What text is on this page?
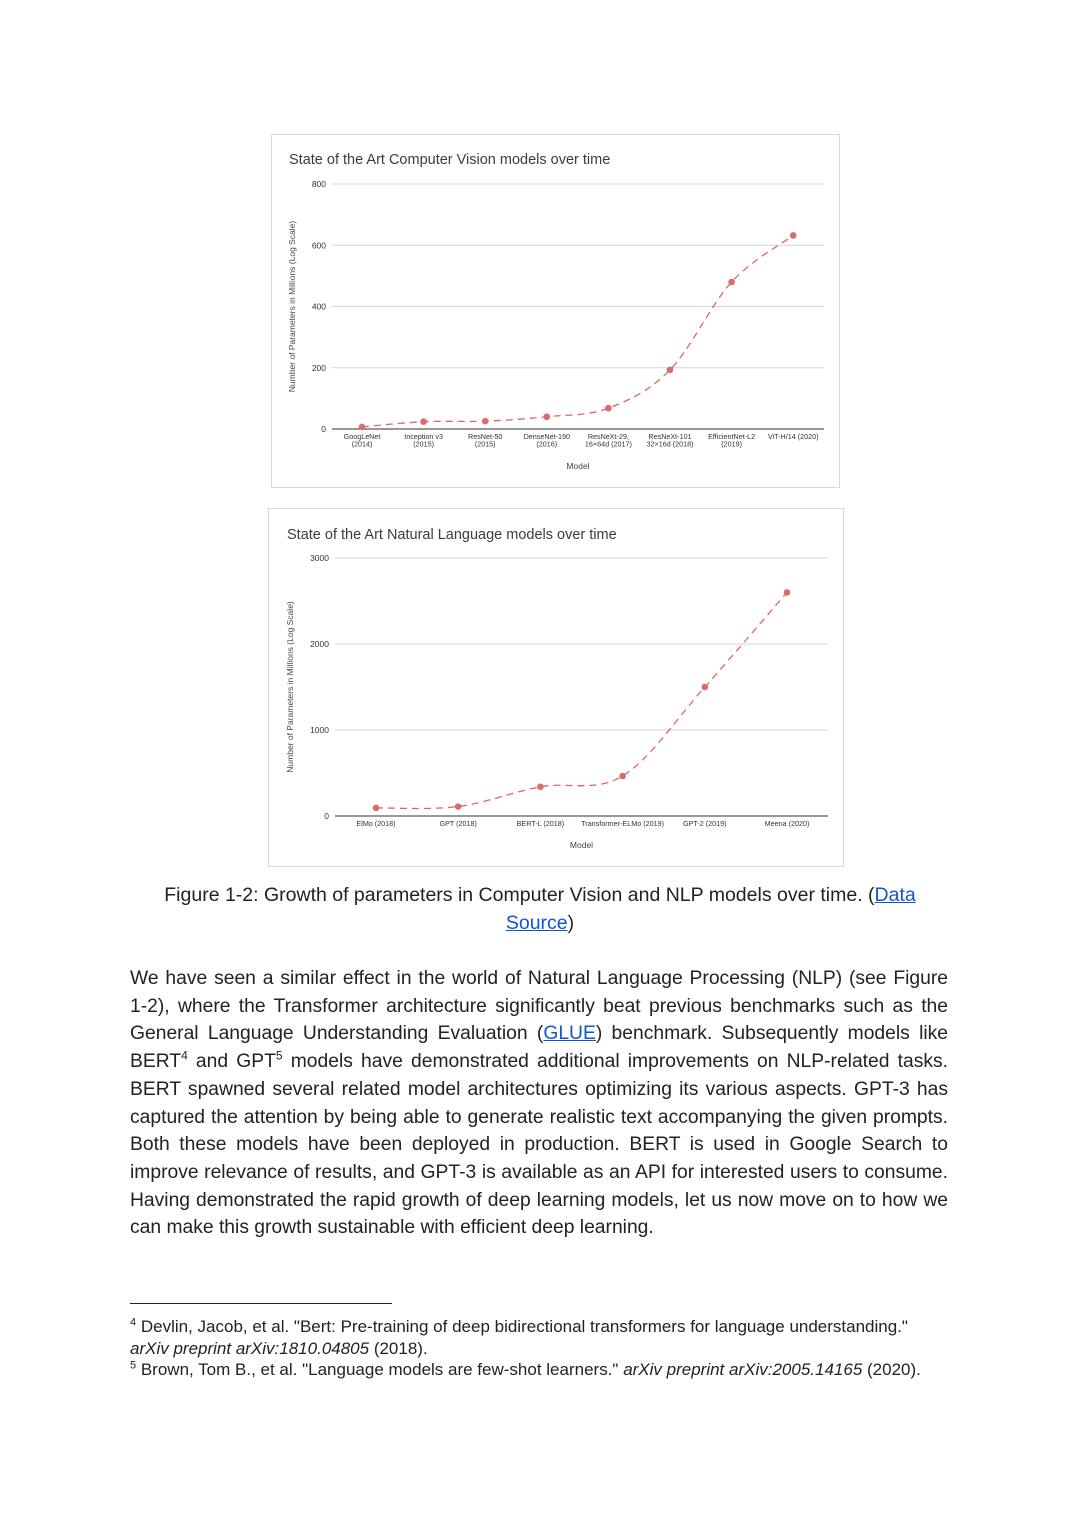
State of the Art Computer Vision models over time
800
600
400
200
0
Number of Parameters in Millions (Log Scale)
GoogLeNet
(2014)
Inception v3
(2015)
ResNet-50
(2015)
DenseNet-190
(2016)
ResNeXt-29,
16×64d (2017)
ResNeXt-101
32×16d (2018)
EfficientNet-L2
(2019)
ViT-H/14 (2020)
Model
State of the Art Natural Language models over time
3000
2000
1000
0
Number of Parameters in Millions (Log Scale)
ElMo (2018)	GPT (2018)	BERT-L (2018) Transformer-ELMo (2019)	GPT-2 (2019)	Meena (2020)
Model
Figure 1-2: Growth of parameters in Computer Vision and NLP models over time. (Data Source)
We have seen a similar effect in the world of Natural Language Processing (NLP) (see Figure 1-2), where the Transformer architecture significantly beat previous benchmarks such as the General Language Understanding Evaluation (GLUE) benchmark. Subsequently models like BERT$^4$ and GPT$^5$ models have demonstrated additional improvements on NLP-related tasks. BERT spawned several related model architectures optimizing its various aspects. GPT-3 has captured the attention by being able to generate realistic text accompanying the given prompts. Both these models have been deployed in production. BERT is used in Google Search to improve relevance of results, and GPT-3 is available as an API for interested users to consume. Having demonstrated the rapid growth of deep learning models, let us now move on to how we can make this growth sustainable with efficient deep learning.

$^4$ Devlin, Jacob, et al. "Bert: Pre-training of deep bidirectional transformers for language understanding." arXiv preprint arXiv:1810.04805 (2018).

$^5$ Brown, Tom B., et al. "Language models are few-shot learners." arXiv preprint arXiv:2005.14165 (2020).
